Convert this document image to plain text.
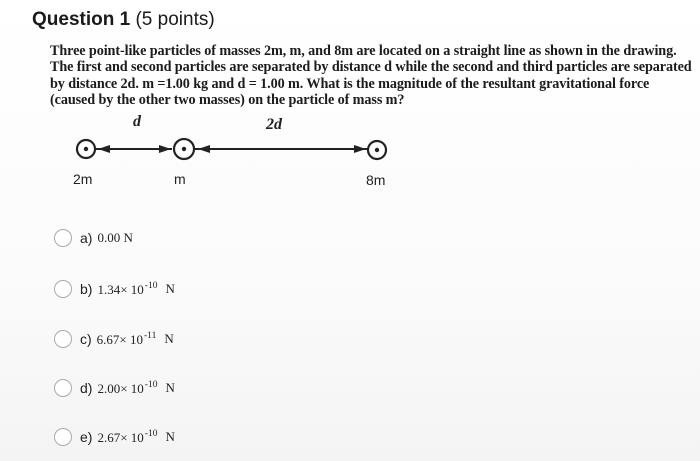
Question 1 (5 points)
Three point-like particles of masses 2m, m, and 8m are located on a straight line as shown in the drawing.
The first and second particles are separated by distance d while the second and third particles are separated
by distance 2d. m =1.00 kg and d = 1.00 m. What is the magnitude of the resultant gravitational force
(caused by the other two masses) on the particle of mass m?
d	2d
2m	m	8m
a) 0.00 N
b) $1.34\times 10^{-10}$ N
c) $6.67\times 10^{-11}$ N
d) $2.00\times 10^{-10}$ N
e) $2.67\times 10^{-10}$ N
